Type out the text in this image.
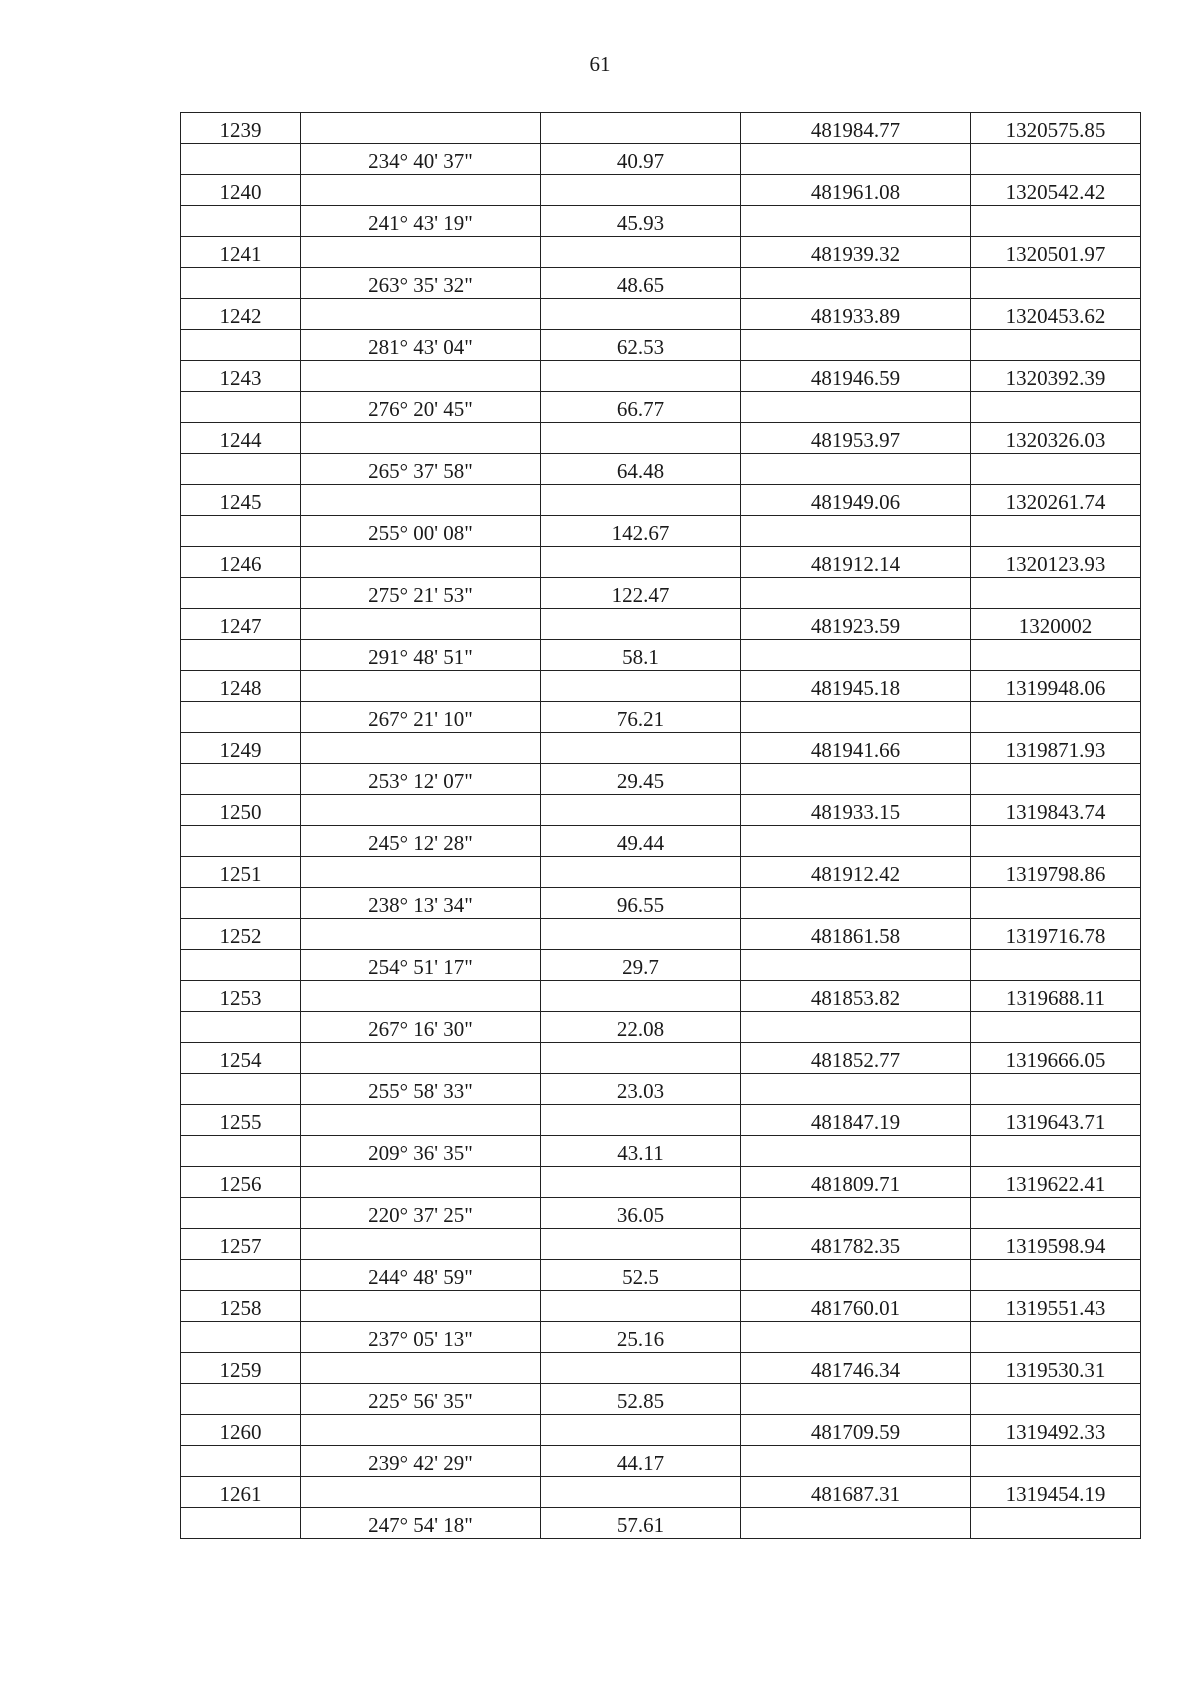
61
1239			481984.77	1320575.85
	234° 40' 37"	40.97		
1240			481961.08	1320542.42
	241° 43' 19"	45.93		
1241			481939.32	1320501.97
	263° 35' 32"	48.65		
1242			481933.89	1320453.62
	281° 43' 04"	62.53		
1243			481946.59	1320392.39
	276° 20' 45"	66.77		
1244			481953.97	1320326.03
	265° 37' 58"	64.48		
1245			481949.06	1320261.74
	255° 00' 08"	142.67		
1246			481912.14	1320123.93
	275° 21' 53"	122.47		
1247			481923.59	1320002
	291° 48' 51"	58.1		
1248			481945.18	1319948.06
	267° 21' 10"	76.21		
1249			481941.66	1319871.93
	253° 12' 07"	29.45		
1250			481933.15	1319843.74
	245° 12' 28"	49.44		
1251			481912.42	1319798.86
	238° 13' 34"	96.55		
1252			481861.58	1319716.78
	254° 51' 17"	29.7		
1253			481853.82	1319688.11
	267° 16' 30"	22.08		
1254			481852.77	1319666.05
	255° 58' 33"	23.03		
1255			481847.19	1319643.71
	209° 36' 35"	43.11		
1256			481809.71	1319622.41
	220° 37' 25"	36.05		
1257			481782.35	1319598.94
	244° 48' 59"	52.5		
1258			481760.01	1319551.43
	237° 05' 13"	25.16		
1259			481746.34	1319530.31
	225° 56' 35"	52.85		
1260			481709.59	1319492.33
	239° 42' 29"	44.17		
1261			481687.31	1319454.19
	247° 54' 18"	57.61		
